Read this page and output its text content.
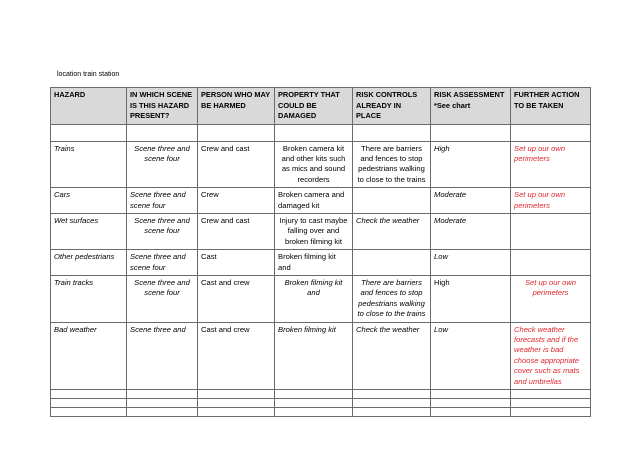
location train station
HAZARD	IN WHICH SCENE IS THIS HAZARD PRESENT?	PERSON WHO MAY BE HARMED	PROPERTY THAT COULD BE DAMAGED	RISK CONTROLS ALREADY IN PLACE	RISK ASSESSMENT *See chart	FURTHER ACTION TO BE TAKEN

Trains	Scene three and scene four	Crew and cast	Broken camera kit and other kits such as mics and sound recorders	There are barriers and fences to stop pedestrians walking to close to the trains	High	Set up our own perimeters
Cars	Scene three and scene four	Crew	Broken camera and damaged kit		Moderate	Set up our own perimeters
Wet surfaces	Scene three and scene four	Crew and cast	Injury to cast maybe falling over and broken filming kit	Check the weather	Moderate	
Other pedestrians	Scene three and scene four	Cast	Broken filming kit and		Low	
Train tracks	Scene three and scene four	Cast and crew	Broken filming kit and	There are barriers and fences to stop pedestrians walking to close to the trains	High	Set up our own perimeters
Bad weather	Scene three and	Cast and crew	Broken filming kit	Check the weather	Low	Check weather forecasts and if the weather is bad choose appropriate cover such as mats and umbrellas
